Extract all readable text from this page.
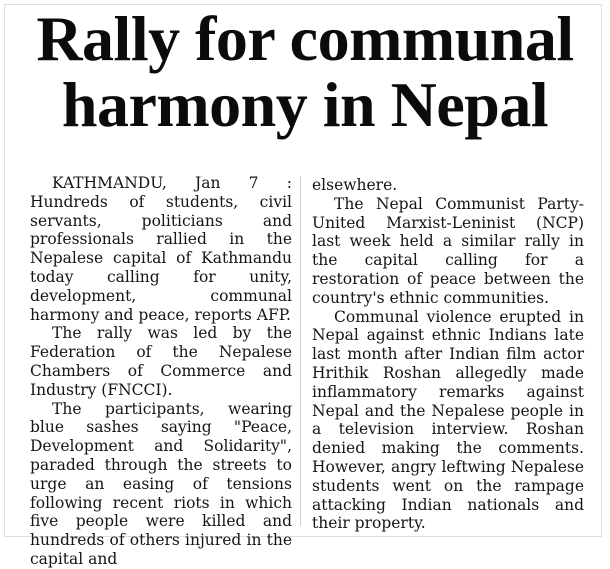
Rally for communal
harmony in Nepal

KATHMANDU, Jan 7 : Hundreds of students, civil servants, politicians and professionals rallied in the Nepalese capital of Kathmandu today calling for unity, development, communal harmony and peace, reports AFP.

The rally was led by the Federation of the Nepalese Chambers of Commerce and Industry (FNCCI).

The participants, wearing blue sashes saying "Peace, Development and Solidarity", paraded through the streets to urge an easing of tensions following recent riots in which five people were killed and hundreds of others injured in the capital and

elsewhere.

The Nepal Communist Party-United Marxist-Leninist (NCP) last week held a similar rally in the capital calling for a restoration of peace between the country's ethnic communities.

Communal violence erupted in Nepal against ethnic Indians late last month after Indian film actor Hrithik Roshan allegedly made inflammatory remarks against Nepal and the Nepalese people in a television interview. Roshan denied making the comments. However, angry leftwing Nepalese students went on the rampage attacking Indian nationals and their property.
